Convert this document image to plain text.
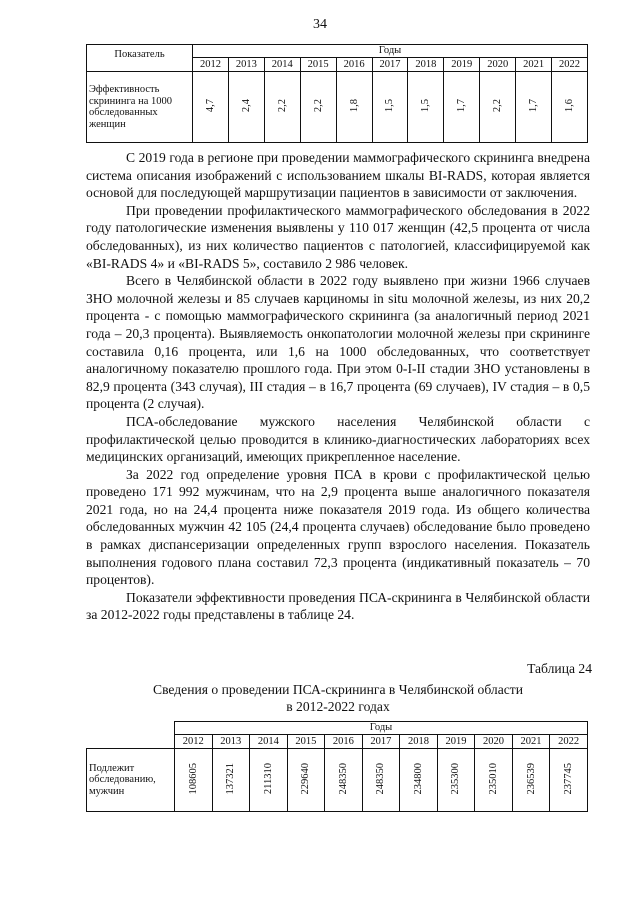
34
Показатель	Годы										
	2012	2013	2014	2015	2016	2017	2018	2019	2020	2021	2022
Эффективность скрининга на 1000 обследованных женщин	4,7	2,4	2,2	2,2	1,8	1,5	1,5	1,7	2,2	1,7	1,6

С 2019 года в регионе при проведении маммографического скрининга внедрена система описания изображений с использованием шкалы BI-RADS, которая является основой для последующей маршрутизации пациентов в зависимости от заключения.

При проведении профилактического маммографического обследования в 2022 году патологические изменения выявлены у 110 017 женщин (42,5 процента от числа обследованных), из них количество пациентов с патологией, классифицируемой как «BI-RADS 4» и «BI-RADS 5», составило 2 986 человек.

Всего в Челябинской области в 2022 году выявлено при жизни 1966 случаев ЗНО молочной железы и 85 случаев карциномы in situ молочной железы, из них 20,2 процента - с помощью маммографического скрининга (за аналогичный период 2021 года – 20,3 процента). Выявляемость онкопатологии молочной железы при скрининге составила 0,16 процента, или 1,6 на 1000 обследованных, что соответствует аналогичному показателю прошлого года. При этом 0-I-II стадии ЗНО установлены в 82,9 процента (343 случая), III стадия – в 16,7 процента (69 случаев), IV стадия – в 0,5 процента (2 случая).

ПСА-обследование мужского населения Челябинской области с профилактической целью проводится в клинико-диагностических лабораториях всех медицинских организаций, имеющих прикрепленное население.

За 2022 год определение уровня ПСА в крови с профилактической целью проведено 171 992 мужчинам, что на 2,9 процента выше аналогичного показателя 2021 года, но на 24,4 процента ниже показателя 2019 года. Из общего количества обследованных мужчин 42 105 (24,4 процента случаев) обследование было проведено в рамках диспансеризации определенных групп взрослого населения. Показатель выполнения годового плана составил 72,3 процента (индикативный показатель – 70 процентов).

Показатели эффективности проведения ПСА-скрининга в Челябинской области за 2012-2022 годы представлены в таблице 24.

Таблица 24
Сведения о проведении ПСА-скрининга в Челябинской области
в 2012-2022 годах
	Годы										
	2012	2013	2014	2015	2016	2017	2018	2019	2020	2021	2022
Подлежит обследованию, мужчин	108605	137321	211310	229640	248350	248350	234800	235300	235010	236539	237745
